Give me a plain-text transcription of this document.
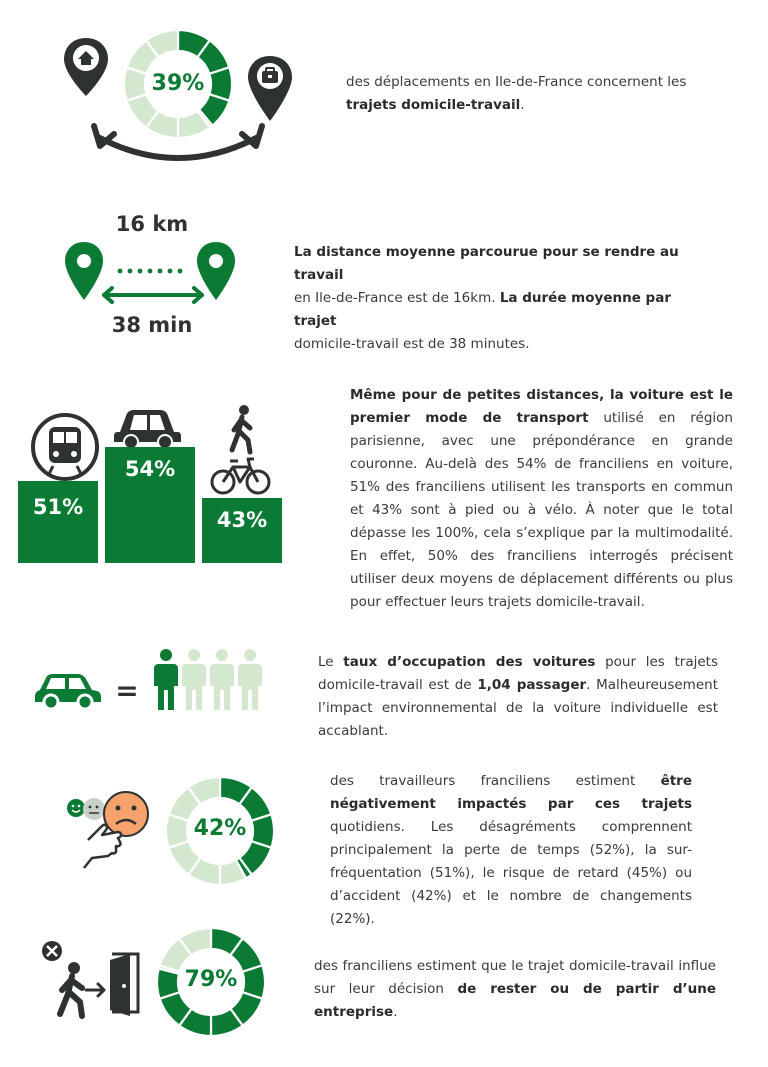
39%	des déplacements en Ile-de-France concernent les
trajets domicile-travail.
16 km
38 min
La distance moyenne parcourue pour se rendre au travail
en Ile-de-France est de 16km. La durée moyenne par trajet
domicile-travail est de 38 minutes.
51%
54%
43%
Même pour de petites distances, la voiture est le premier mode de transport utilisé en région parisienne, avec une prépondérance en grande couronne. Au-delà des 54% de franciliens en voiture, 51% des franciliens utilisent les transports en commun et 43% sont à pied ou à vélo. À noter que le total dépasse les 100%, cela s’explique par la multimodalité. En effet, 50% des franciliens interrogés précisent utiliser deux moyens de déplacement différents ou plus pour effectuer leurs trajets domicile-travail.
=
Le taux d’occupation des voitures pour les trajets domicile-travail est de 1,04 passager. Malheureusement l’impact environnemental de la voiture individuelle est accablant.
42%
des travailleurs franciliens estiment être négativement impactés par ces trajets quotidiens. Les désagréments comprennent principalement la perte de temps (52%), la sur-fréquentation (51%), le risque de retard (45%) ou d’accident (42%) et le nombre de changements (22%).
79%
des franciliens estiment que le trajet domicile-travail influe sur leur décision de rester ou de partir d’une entreprise.
